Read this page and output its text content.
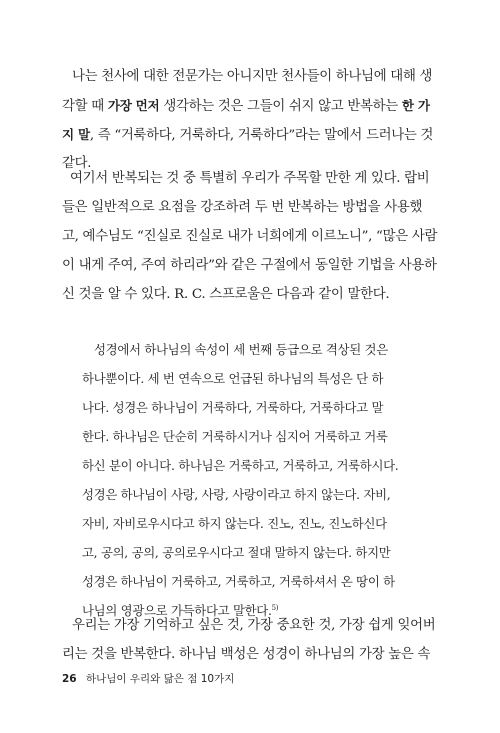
나는 천사에 대한 전문가는 아니지만 천사들이 하나님에 대해 생
각할 때 가장 먼저 생각하는 것은 그들이 쉬지 않고 반복하는 한 가
지 말, 즉 “거룩하다, 거룩하다, 거룩하다”라는 말에서 드러나는 것
같다.
여기서 반복되는 것 중 특별히 우리가 주목할 만한 게 있다. 랍비
들은 일반적으로 요점을 강조하려 두 번 반복하는 방법을 사용했
고, 예수님도 “진실로 진실로 내가 너희에게 이르노니”, “많은 사람
이 내게 주여, 주여 하리라”와 같은 구절에서 동일한 기법을 사용하
신 것을 알 수 있다. R. C. 스프로울은 다음과 같이 말한다.
성경에서 하나님의 속성이 세 번째 등급으로 격상된 것은
하나뿐이다. 세 번 연속으로 언급된 하나님의 특성은 단 하
나다. 성경은 하나님이 거룩하다, 거룩하다, 거룩하다고 말
한다. 하나님은 단순히 거룩하시거나 심지어 거룩하고 거룩
하신 분이 아니다. 하나님은 거룩하고, 거룩하고, 거룩하시다.
성경은 하나님이 사랑, 사랑, 사랑이라고 하지 않는다. 자비,
자비, 자비로우시다고 하지 않는다. 진노, 진노, 진노하신다
고, 공의, 공의, 공의로우시다고 절대 말하지 않는다. 하지만
성경은 하나님이 거룩하고, 거룩하고, 거룩하셔서 온 땅이 하
나님의 영광으로 가득하다고 말한다.$^{5)}$
우리는 가장 기억하고 싶은 것, 가장 중요한 것, 가장 쉽게 잊어버
리는 것을 반복한다. 하나님 백성은 성경이 하나님의 가장 높은 속
26 하나님이 우리와 닮은 점 10가지
